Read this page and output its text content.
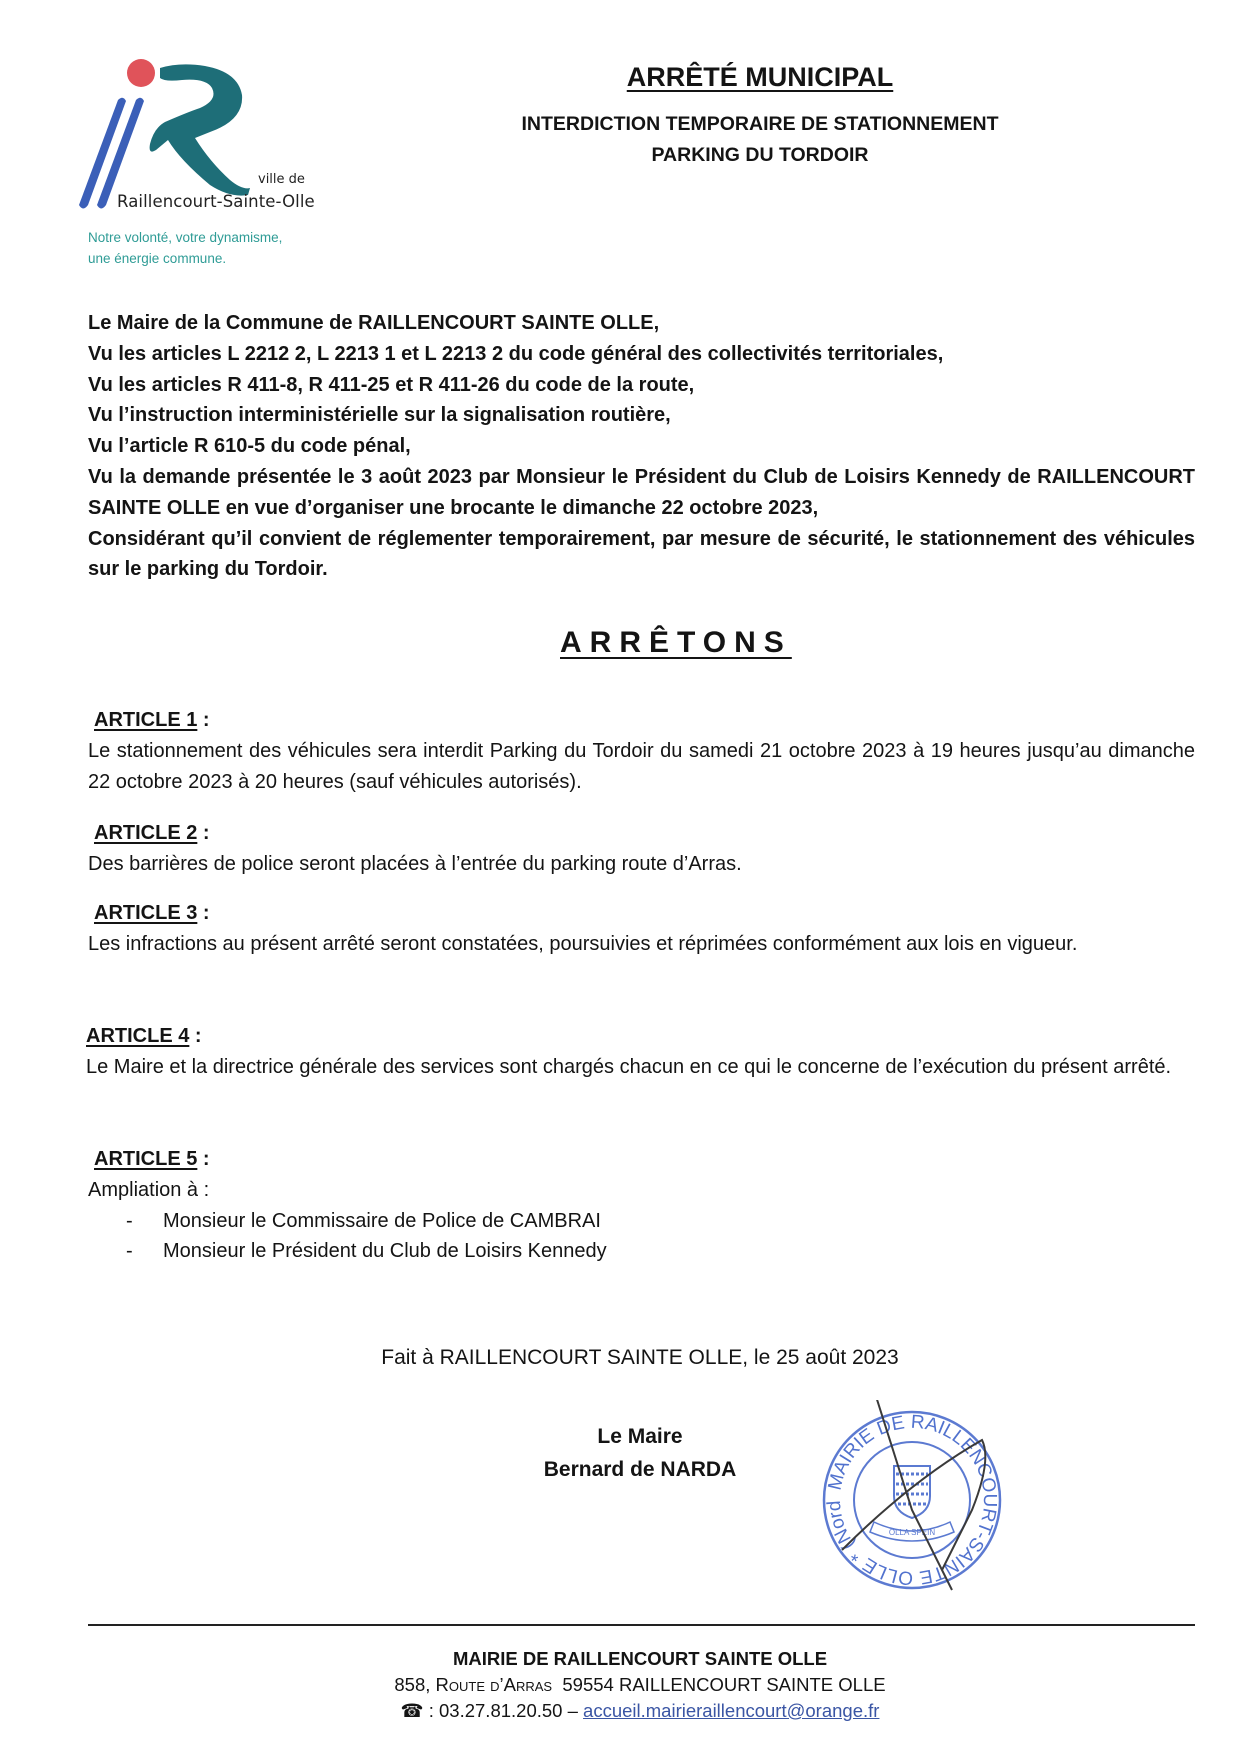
ville de
Raillencourt-Sainte-Olle
Notre volonté, votre dynamisme,
une énergie commune.
ARRÊTÉ MUNICIPAL
INTERDICTION TEMPORAIRE DE STATIONNEMENT
PARKING DU TORDOIR
Le Maire de la Commune de RAILLENCOURT SAINTE OLLE,
Vu les articles L 2212 2, L 2213 1 et L 2213 2 du code général des collectivités territoriales,
Vu les articles R 411-8, R 411-25 et R 411-26 du code de la route,
Vu l’instruction interministérielle sur la signalisation routière,
Vu l’article R 610-5 du code pénal,
Vu la demande présentée le 3 août 2023 par Monsieur le Président du Club de Loisirs Kennedy de RAILLENCOURT SAINTE OLLE en vue d’organiser une brocante le dimanche 22 octobre 2023,
Considérant qu’il convient de réglementer temporairement, par mesure de sécurité, le stationnement des véhicules sur le parking du Tordoir.
ARRÊTONS
ARTICLE 1 :
Le stationnement des véhicules sera interdit Parking du Tordoir du samedi 21 octobre 2023 à 19 heures jusqu’au dimanche 22 octobre 2023 à 20 heures (sauf véhicules autorisés).
ARTICLE 2 :
Des barrières de police seront placées à l’entrée du parking route d’Arras.
ARTICLE 3 :
Les infractions au présent arrêté seront constatées, poursuivies et réprimées conformément aux lois en vigueur.
ARTICLE 4 :
Le Maire et la directrice générale des services sont chargés chacun en ce qui le concerne de l’exécution du présent arrêté.
ARTICLE 5 :
Ampliation à :
- Monsieur le Commissaire de Police de CAMBRAI
- Monsieur le Président du Club de Loisirs Kennedy
Fait à RAILLENCOURT SAINTE OLLE, le 25 août 2023
Le Maire
Bernard de NARDA
MAIRIE DE RAILLENCOURT-SAINTE OLLE * (Nord
OLLA SPEIN
MAIRIE DE RAILLENCOURT SAINTE OLLE
858, Route d’Arras  59554 RAILLENCOURT SAINTE OLLE
☎ : 03.27.81.20.50 – accueil.mairieraillencourt@orange.fr
